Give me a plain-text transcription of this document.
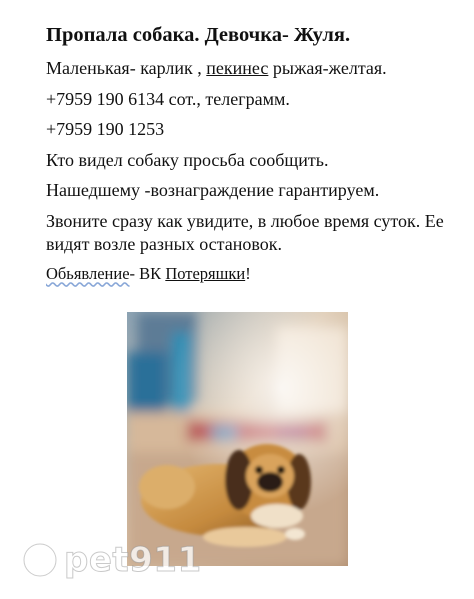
Пропала собака. Девочка- Жуля.
Маленькая- карлик , пекинес рыжая-желтая.
+7959 190 6134 сот., телеграмм.
+7959 190 1253
Кто видел собаку просьба сообщить.
Нашедшему -вознаграждение гарантируем.
Звоните сразу как увидите, в любое время суток. Ее видят возле разных остановок.
Обьявление- ВК Потеряшки!
pet911
